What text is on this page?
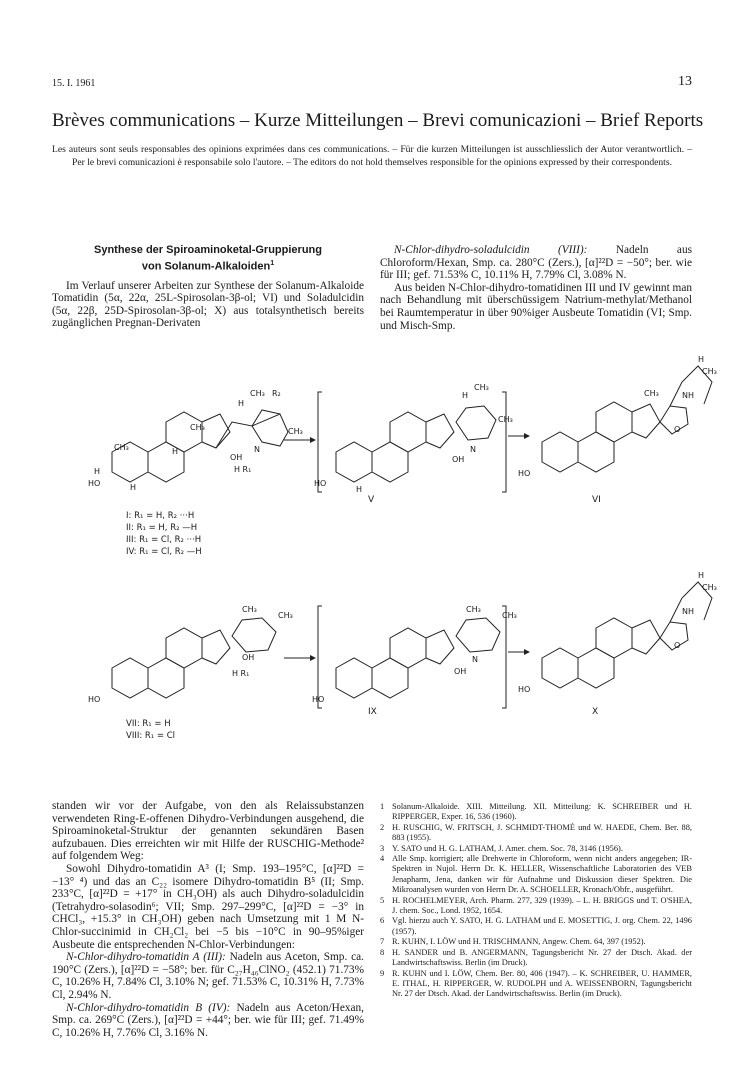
15. I. 1961	13
Brèves communications – Kurze Mitteilungen – Brevi comunicazioni – Brief Reports
Les auteurs sont seuls responsables des opinions exprimées dans ces communications. – Für die kurzen Mitteilungen ist ausschliesslich der Autor verantwortlich. – Per le brevi comunicazioni è responsabile solo l'autore. – The editors do not hold themselves responsible for the opinions expressed by their correspondents.

Synthese der Spiroaminoketal-Gruppierung
von Solanum-Alkaloiden$^1$

Im Verlauf unserer Arbeiten zur Synthese der Solanum-Alkaloide Tomatidin (5α, 22α, 25L-Spirosolan-3β-ol; VI) und Soladulcidin (5α, 22β, 25D-Spirosolan-3β-ol; X) aus totalsynthetisch bereits zugänglichen Pregnan-Derivaten

N-Chlor-dihydro-soladulcidin (VIII): Nadeln aus Chloroform/Hexan, Smp. ca. 280°C (Zers.), [α]²²D = −50°; ber. wie für III; gef. 71.53% C, 10.11% H, 7.79% Cl, 3.08% N.

Aus beiden N-Chlor-dihydro-tomatidinen III und IV gewinnt man nach Behandlung mit überschüssigem Natrium-methylat/Methanol bei Raumtemperatur in über 90%iger Ausbeute Tomatidin (VI; Smp. und Misch-Smp.

H
CH₃ R₂
CH₃
N
OH
H R₁
CH₃
H
CH₃
H
HO	H
H
CH₃
CH₃
N
OH
HO
H
V
H
CH₃
NH
O
CH₃
HO
VI
I: R₁ = H, R₂ ···H
II: R₁ = H, R₂ —H
III: R₁ = Cl, R₂ ···H
IV: R₁ = Cl, R₂ —H
CH₃
CH₃
OH
H R₁
HO
CH₃
CH₃
N
OH
HO
H
CH₃
NH
O
HO
VII: R₁ = H
VIII: R₁ = Cl
IX	X

standen wir vor der Aufgabe, von den als Relaissubstanzen verwendeten Ring-E-offenen Dihydro-Verbindungen ausgehend, die Spiroaminoketal-Struktur der genannten sekundären Basen aufzubauen. Dies erreichten wir mit Hilfe der RUSCHIG-Methode² auf folgendem Weg:

Sowohl Dihydro-tomatidin A³ (I; Smp. 193–195°C, [α]²²D = −13° ⁴) und das an C₂₂ isomere Dihydro-tomatidin B⁵ (II; Smp. 233°C, [α]²²D = +17° in CH₃OH) als auch Dihydro-soladulcidin (Tetrahydro-solasodin⁶; VII; Smp. 297–299°C, [α]²²D = −3° in CHCl₃, +15.3° in CH₃OH) geben nach Umsetzung mit 1 M N-Chlor-succinimid in CH₂Cl₂ bei −5 bis −10°C in 90–95%iger Ausbeute die entsprechenden N-Chlor-Verbindungen:

N-Chlor-dihydro-tomatidin A (III): Nadeln aus Aceton, Smp. ca. 190°C (Zers.), [α]²²D = −58°; ber. für C₂₇H₄₆ClNO₂ (452.1) 71.73% C, 10.26% H, 7.84% Cl, 3.10% N; gef. 71.53% C, 10.31% H, 7.73% Cl, 2.94% N.

N-Chlor-dihydro-tomatidin B (IV): Nadeln aus Aceton/Hexan, Smp. ca. 269°C (Zers.), [α]²²D = +44°; ber. wie für III; gef. 71.49% C, 10.26% H, 7.76% Cl, 3.16% N.

1 Solanum-Alkaloide. XIII. Mitteilung. XII. Mitteilung: K. SCHREIBER und H. RIPPERGER, Exper. 16, 536 (1960).

2 H. RUSCHIG, W. FRITSCH, J. SCHMIDT-THOMÉ und W. HAEDE, Chem. Ber. 88, 883 (1955).

3 Y. SATO und H. G. LATHAM, J. Amer. chem. Soc. 78, 3146 (1956).

4 Alle Smp. korrigiert; alle Drehwerte in Chloroform, wenn nicht anders angegeben; IR-Spektren in Nujol. Herrn Dr. K. HELLER, Wissenschaftliche Laboratorien des VEB Jenapharm, Jena, danken wir für Aufnahme und Diskussion dieser Spektren. Die Mikroanalysen wurden von Herrn Dr. A. SCHOELLER, Kronach/Obfr., ausgeführt.

5 H. ROCHELMEYER, Arch. Pharm. 277, 329 (1939). – L. H. BRIGGS und T. O'SHEA, J. chem. Soc., Lond. 1952, 1654.

6 Vgl. hierzu auch Y. SATO, H. G. LATHAM und E. MOSETTIG, J. org. Chem. 22, 1496 (1957).

7 R. KUHN, I. LÖW und H. TRISCHMANN, Angew. Chem. 64, 397 (1952).

8 H. SANDER und B. ANGERMANN, Tagungsbericht Nr. 27 der Dtsch. Akad. der Landwirtschaftswiss. Berlin (im Druck).

9 R. KUHN und I. LÖW, Chem. Ber. 80, 406 (1947). – K. SCHREIBER, U. HAMMER, E. ITHAL, H. RIPPERGER, W. RUDOLPH und A. WEISSENBORN, Tagungsbericht Nr. 27 der Dtsch. Akad. der Landwirtschaftswiss. Berlin (im Druck).
